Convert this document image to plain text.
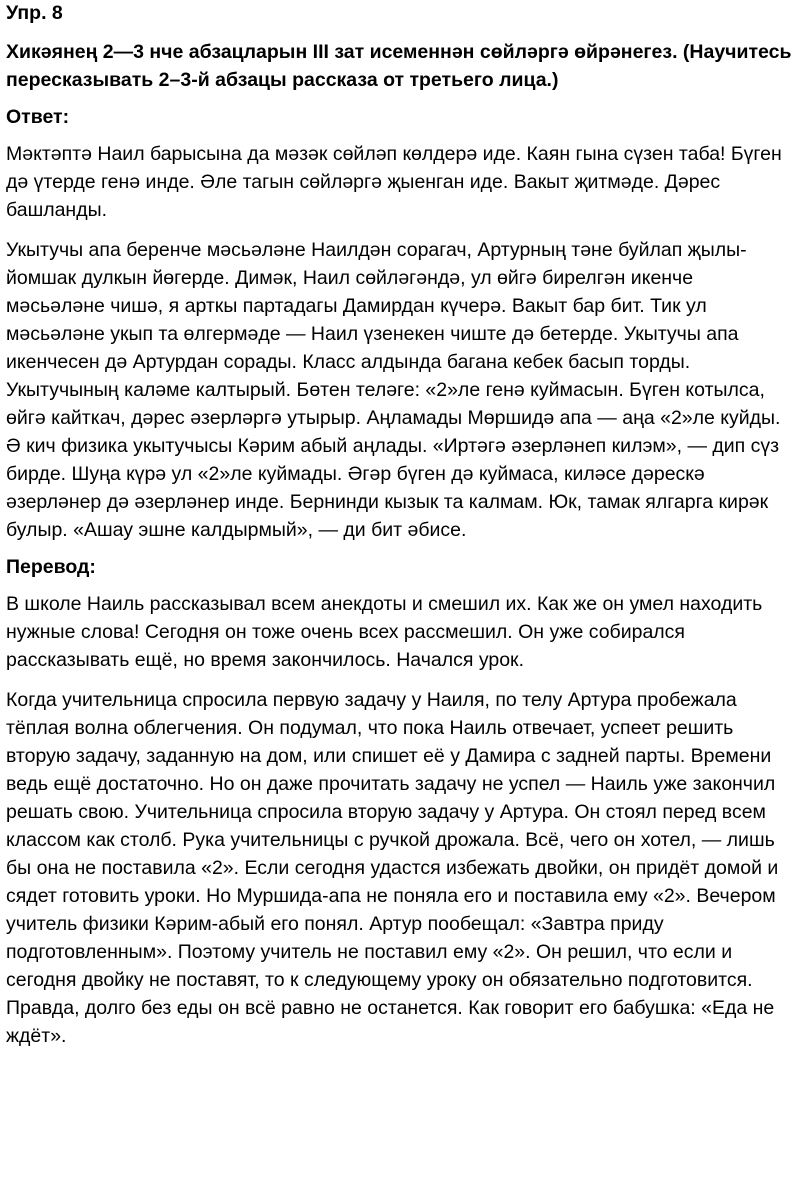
Упр. 8
Хикәянең 2—3 нче абзацларын III зат исеменнән сөйләргә өйрәнегез. (Научитесь пересказывать 2–3-й абзацы рассказа от третьего лица.)
Ответ:

Мәктәптә Наил барысына да мәзәк сөйләп көлдерә иде. Каян гына сүзен таба! Бүген дә үтерде генә инде. Әле тагын сөйләргә җыенган иде. Вакыт җитмәде. Дәрес башланды.

Укытучы апа беренче мәсьәләне Наилдән сорагач, Артурның тәне буйлап җылы-йомшак дулкын йөгерде. Димәк, Наил сөйләгәндә, ул өйгә бирелгән икенче мәсьәләне чишә, я арткы партадагы Дамирдан күчерә. Вакыт бар бит. Тик ул мәсьәләне укып та өлгермәде — Наил үзенекен чиште дә бетерде. Укытучы апа икенчесен дә Артурдан сорады. Класс алдында багана кебек басып торды. Укытучының каләме калтырый. Бөтен теләге: «2»ле генә куймасын. Бүген котылса, өйгә кайткач, дәрес әзерләргә утырыр. Аңламады Мөршидә апа — аңа «2»ле куйды. Ә кич физика укытучысы Кәрим абый аңлады. «Иртәгә әзерләнеп килэм», — дип сүз бирде. Шуңа күрә ул «2»ле куймады. Әгәр бүген дә куймаса, киләсе дәрескә әзерләнер дә әзерләнер инде. Бернинди кызык та калмам. Юк, тамак ялгарга кирәк булыр. «Ашау эшне калдырмый», — ди бит әбисе.

Перевод:

В школе Наиль рассказывал всем анекдоты и смешил их. Как же он умел находить нужные слова! Сегодня он тоже очень всех рассмешил. Он уже собирался рассказывать ещё, но время закончилось. Начался урок.

Когда учительница спросила первую задачу у Наиля, по телу Артура пробежала тёплая волна облегчения. Он подумал, что пока Наиль отвечает, успеет решить вторую задачу, заданную на дом, или спишет её у Дамира с задней парты. Времени ведь ещё достаточно. Но он даже прочитать задачу не успел — Наиль уже закончил решать свою. Учительница спросила вторую задачу у Артура. Он стоял перед всем классом как столб. Рука учительницы с ручкой дрожала. Всё, чего он хотел, — лишь бы она не поставила «2». Если сегодня удастся избежать двойки, он придёт домой и сядет готовить уроки. Но Муршида-апа не поняла его и поставила ему «2». Вечером учитель физики Кәрим-абый его понял. Артур пообещал: «Завтра приду подготовленным». Поэтому учитель не поставил ему «2». Он решил, что если и сегодня двойку не поставят, то к следующему уроку он обязательно подготовится. Правда, долго без еды он всё равно не останется. Как говорит его бабушка: «Еда не ждёт».
